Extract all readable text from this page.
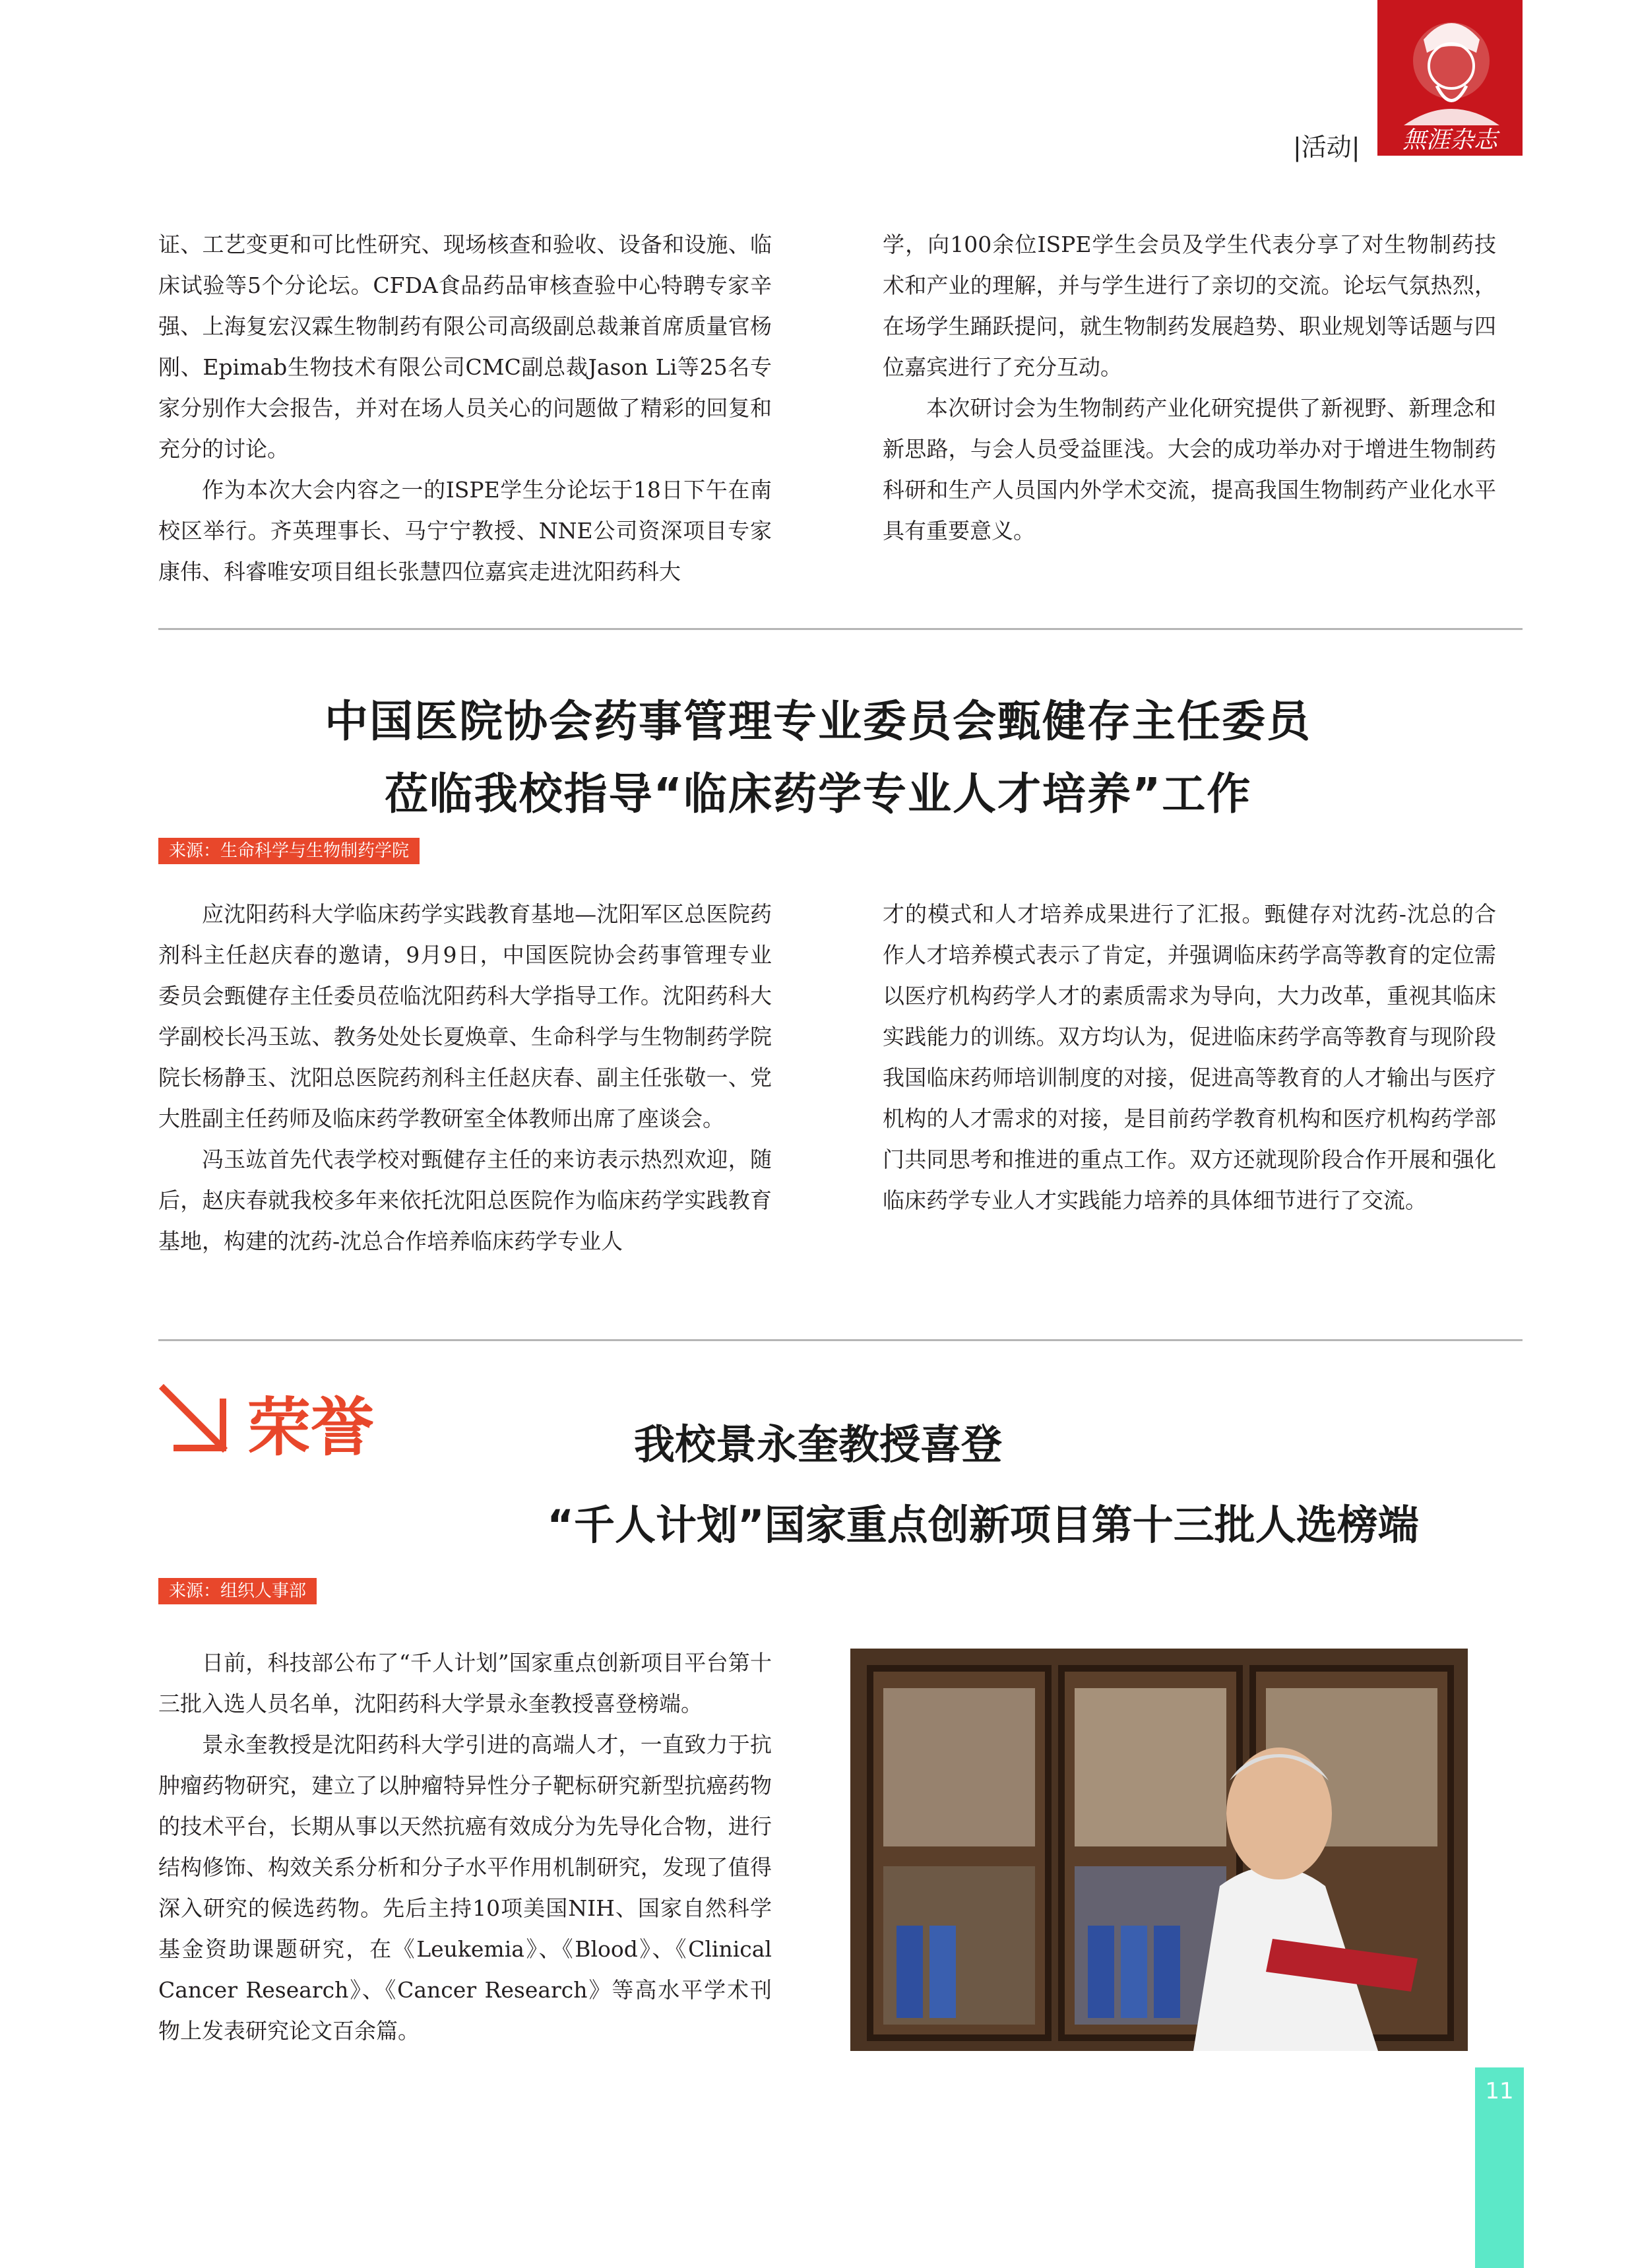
無涯杂志
|活动|

证、工艺变更和可比性研究、现场核查和验收、设备和设施、临床试验等5个分论坛。CFDA食品药品审核查验中心特聘专家辛强、上海复宏汉霖生物制药有限公司高级副总裁兼首席质量官杨刚、Epimab生物技术有限公司CMC副总裁Jason Li等25名专家分别作大会报告，并对在场人员关心的问题做了精彩的回复和充分的讨论。

作为本次大会内容之一的ISPE学生分论坛于18日下午在南校区举行。齐英理事长、马宁宁教授、NNE公司资深项目专家康伟、科睿唯安项目组长张慧四位嘉宾走进沈阳药科大

学，向100余位ISPE学生会员及学生代表分享了对生物制药技术和产业的理解，并与学生进行了亲切的交流。论坛气氛热烈，在场学生踊跃提问，就生物制药发展趋势、职业规划等话题与四位嘉宾进行了充分互动。

本次研讨会为生物制药产业化研究提供了新视野、新理念和新思路，与会人员受益匪浅。大会的成功举办对于增进生物制药科研和生产人员国内外学术交流，提高我国生物制药产业化水平具有重要意义。

中国医院协会药事管理专业委员会甄健存主任委员
莅临我校指导“临床药学专业人才培养”工作
来源：生命科学与生物制药学院

应沈阳药科大学临床药学实践教育基地—沈阳军区总医院药剂科主任赵庆春的邀请，9月9日，中国医院协会药事管理专业委员会甄健存主任委员莅临沈阳药科大学指导工作。沈阳药科大学副校长冯玉竑、教务处处长夏焕章、生命科学与生物制药学院院长杨静玉、沈阳总医院药剂科主任赵庆春、副主任张敬一、党大胜副主任药师及临床药学教研室全体教师出席了座谈会。

冯玉竑首先代表学校对甄健存主任的来访表示热烈欢迎，随后，赵庆春就我校多年来依托沈阳总医院作为临床药学实践教育基地，构建的沈药-沈总合作培养临床药学专业人

才的模式和人才培养成果进行了汇报。甄健存对沈药-沈总的合作人才培养模式表示了肯定，并强调临床药学高等教育的定位需以医疗机构药学人才的素质需求为导向，大力改革，重视其临床实践能力的训练。双方均认为，促进临床药学高等教育与现阶段我国临床药师培训制度的对接，促进高等教育的人才输出与医疗机构的人才需求的对接，是目前药学教育机构和医疗机构药学部门共同思考和推进的重点工作。双方还就现阶段合作开展和强化临床药学专业人才实践能力培养的具体细节进行了交流。

荣誉	我校景永奎教授喜登
“千人计划”国家重点创新项目第十三批人选榜端
来源：组织人事部

日前，科技部公布了“千人计划”国家重点创新项目平台第十三批入选人员名单，沈阳药科大学景永奎教授喜登榜端。

景永奎教授是沈阳药科大学引进的高端人才，一直致力于抗肿瘤药物研究，建立了以肿瘤特异性分子靶标研究新型抗癌药物的技术平台，长期从事以天然抗癌有效成分为先导化合物，进行结构修饰、构效关系分析和分子水平作用机制研究，发现了值得深入研究的候选药物。先后主持10项美国NIH、国家自然科学基金资助课题研究，在《Leukemia》、《Blood》、《Clinical Cancer Research》、《Cancer Research》等高水平学术刊物上发表研究论文百余篇。

11
